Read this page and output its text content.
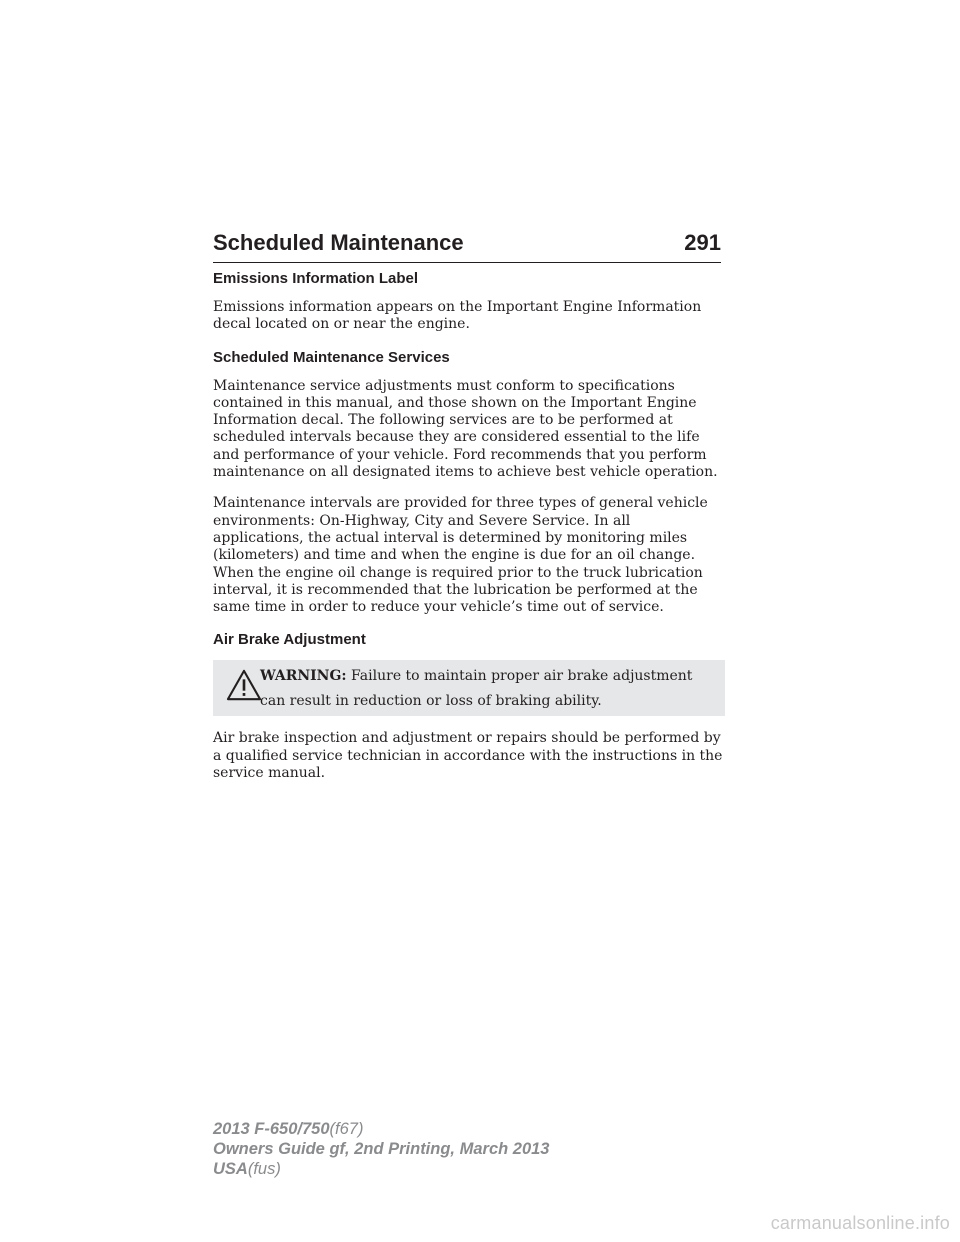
Scheduled Maintenance	291
Emissions Information Label

Emissions information appears on the Important Engine Information decal located on or near the engine.

Scheduled Maintenance Services

Maintenance service adjustments must conform to specifications contained in this manual, and those shown on the Important Engine Information decal. The following services are to be performed at scheduled intervals because they are considered essential to the life and performance of your vehicle. Ford recommends that you perform maintenance on all designated items to achieve best vehicle operation.

Maintenance intervals are provided for three types of general vehicle environments: On-Highway, City and Severe Service. In all applications, the actual interval is determined by monitoring miles (kilometers) and time and when the engine is due for an oil change. When the engine oil change is required prior to the truck lubrication interval, it is recommended that the lubrication be performed at the same time in order to reduce your vehicle’s time out of service.

Air Brake Adjustment
WARNING: Failure to maintain proper air brake adjustment can result in reduction or loss of braking ability.

Air brake inspection and adjustment or repairs should be performed by a qualified service technician in accordance with the instructions in the service manual.

2013 F-650/750(f67)
Owners Guide gf, 2nd Printing, March 2013
USA(fus)
carmanualsonline.info
